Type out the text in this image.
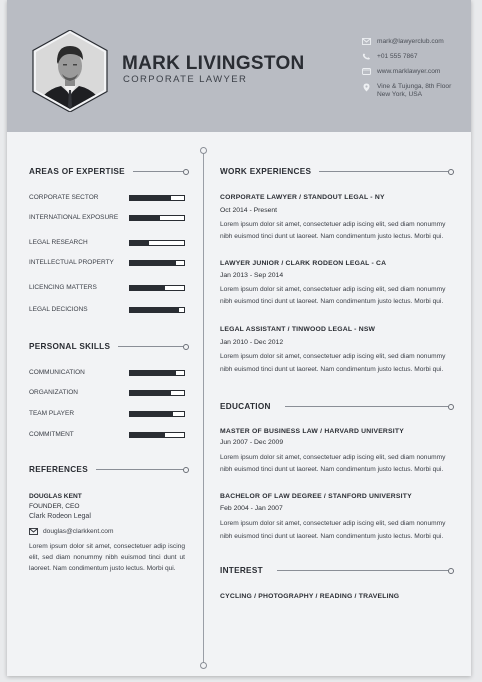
MARK LIVINGSTON
CORPORATE LAWYER
mark@lawyerclub.com
+01 555 7867
www.marklawyer.com
Vine & Tujunga, 8th Floor
New York, USA
AREAS OF EXPERTISE
CORPORATE SECTOR
INTERNATIONAL EXPOSURE
LEGAL RESEARCH
INTELLECTUAL PROPERTY
LICENCING MATTERS
LEGAL DECICIONS
PERSONAL SKILLS
COMMUNICATION
ORGANIZATION
TEAM PLAYER
COMMITMENT
REFERENCES
DOUGLAS KENT
FOUNDER, CEO
Clark Rodeon Legal
douglas@clarkkent.com
Lorem ipsum dolor sit amet, consectetuer adip iscing elit, sed diam nonummy nibh euismod tinci dunt ut laoreet. Nam condimentum justo lectus. Morbi qui.
WORK EXPERIENCES
CORPORATE LAWYER / STANDOUT LEGAL - NY
Oct 2014 - Present
Lorem ipsum dolor sit amet, consectetuer adip iscing elit, sed diam nonummy
nibh euismod tinci dunt ut laoreet. Nam condimentum justo lectus. Morbi qui.
LAWYER JUNIOR / CLARK RODEON LEGAL - CA
Jan 2013 - Sep 2014
Lorem ipsum dolor sit amet, consectetuer adip iscing elit, sed diam nonummy
nibh euismod tinci dunt ut laoreet. Nam condimentum justo lectus. Morbi qui.
LEGAL ASSISTANT / TINWOOD LEGAL - NSW
Jan 2010 - Dec 2012
Lorem ipsum dolor sit amet, consectetuer adip iscing elit, sed diam nonummy
nibh euismod tinci dunt ut laoreet. Nam condimentum justo lectus. Morbi qui.
EDUCATION
MASTER OF BUSINESS LAW / HARVARD UNIVERSITY
Jun 2007 - Dec 2009
Lorem ipsum dolor sit amet, consectetuer adip iscing elit, sed diam nonummy
nibh euismod tinci dunt ut laoreet. Nam condimentum justo lectus. Morbi qui.
BACHELOR OF LAW DEGREE / STANFORD UNIVERSITY
Feb 2004 - Jan 2007
Lorem ipsum dolor sit amet, consectetuer adip iscing elit, sed diam nonummy
nibh euismod tinci dunt ut laoreet. Nam condimentum justo lectus. Morbi qui.
INTEREST
CYCLING / PHOTOGRAPHY / READING / TRAVELING
